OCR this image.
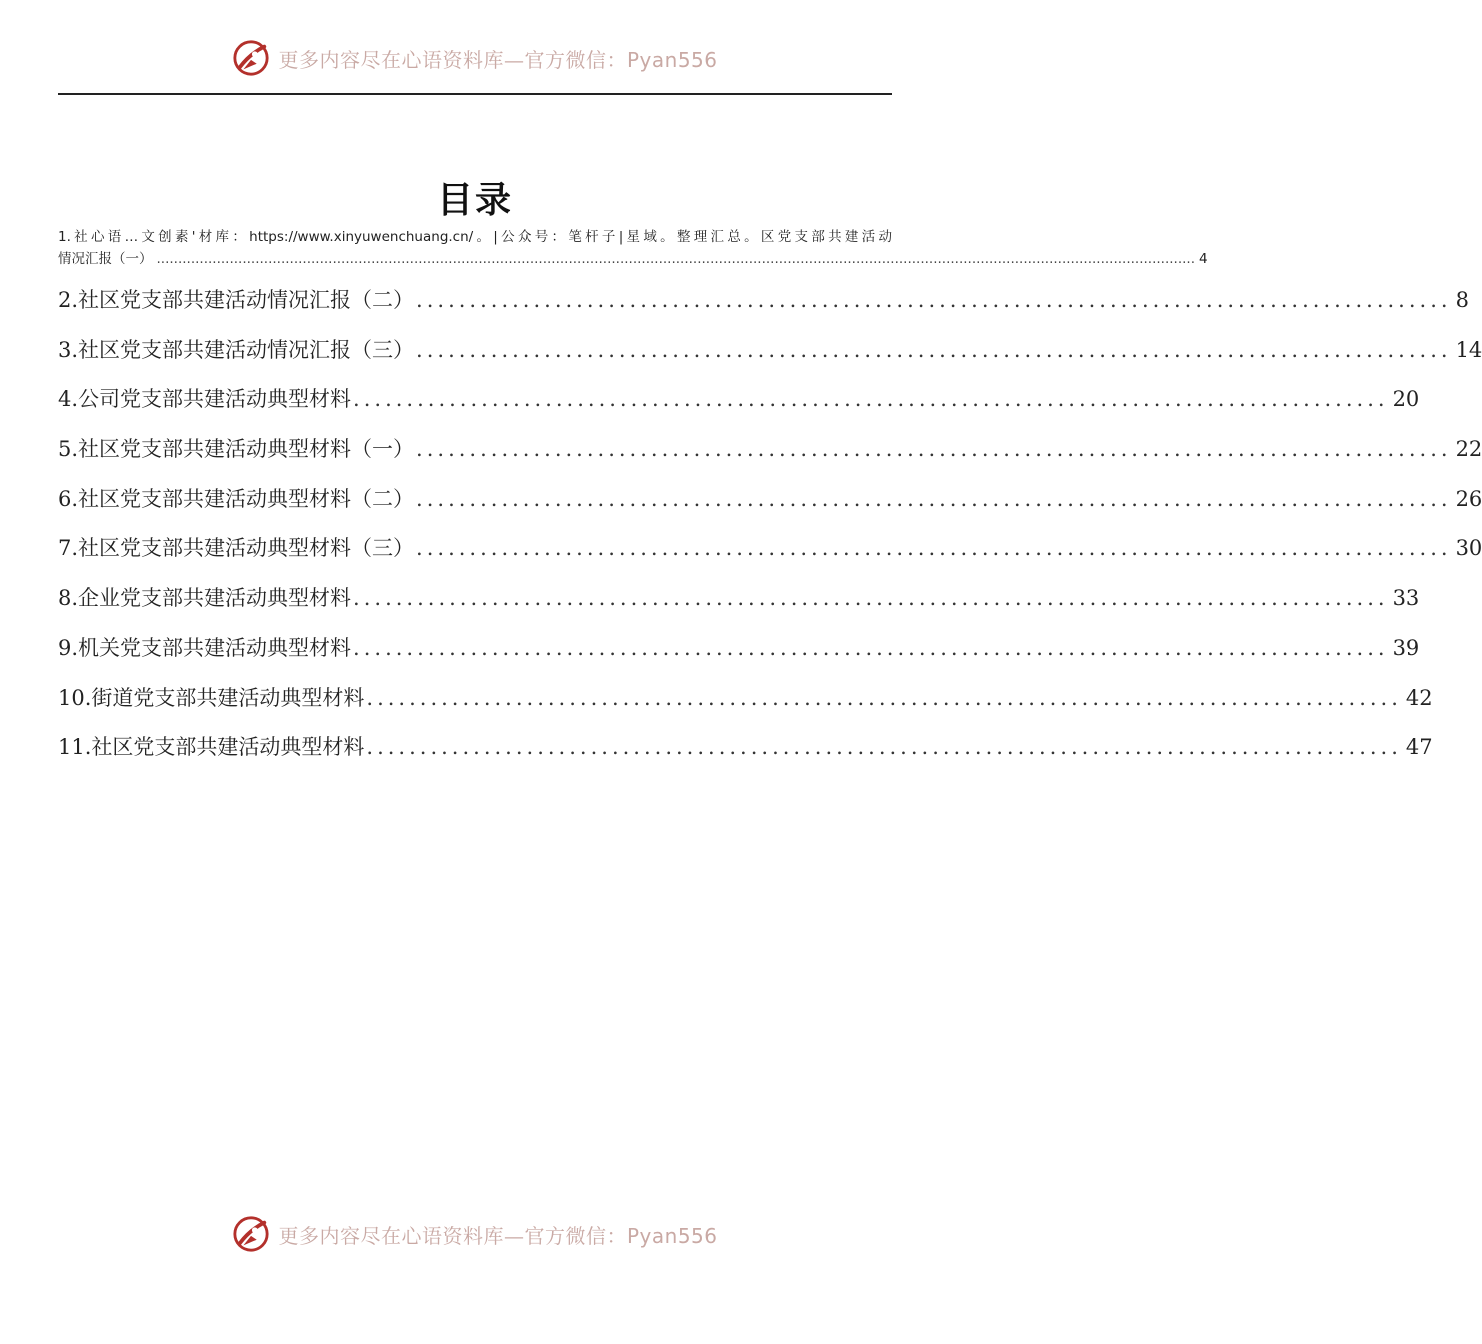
更多内容尽在心语资料库—官方微信：Pyan556
目录
1.社心语…文创素'材库：https://www.xinyuwenchuang.cn/。|公众号：笔杆子|星域。整理汇总。区党支部共建活动
情况汇报（一） .................................................................................................................................................................................................................................................. 4
2.社区党支部共建活动情况汇报（二） ................................................................................................. 8
3.社区党支部共建活动情况汇报（三） ................................................................................................. 14
4.公司党支部共建活动典型材料 ................................................................................................. 20
5.社区党支部共建活动典型材料（一） ................................................................................................. 22
6.社区党支部共建活动典型材料（二） ................................................................................................. 26
7.社区党支部共建活动典型材料（三） ................................................................................................. 30
8.企业党支部共建活动典型材料 ................................................................................................. 33
9.机关党支部共建活动典型材料 ................................................................................................. 39
10.街道党支部共建活动典型材料 ................................................................................................. 42
11.社区党支部共建活动典型材料 ................................................................................................. 47
更多内容尽在心语资料库—官方微信：Pyan556
